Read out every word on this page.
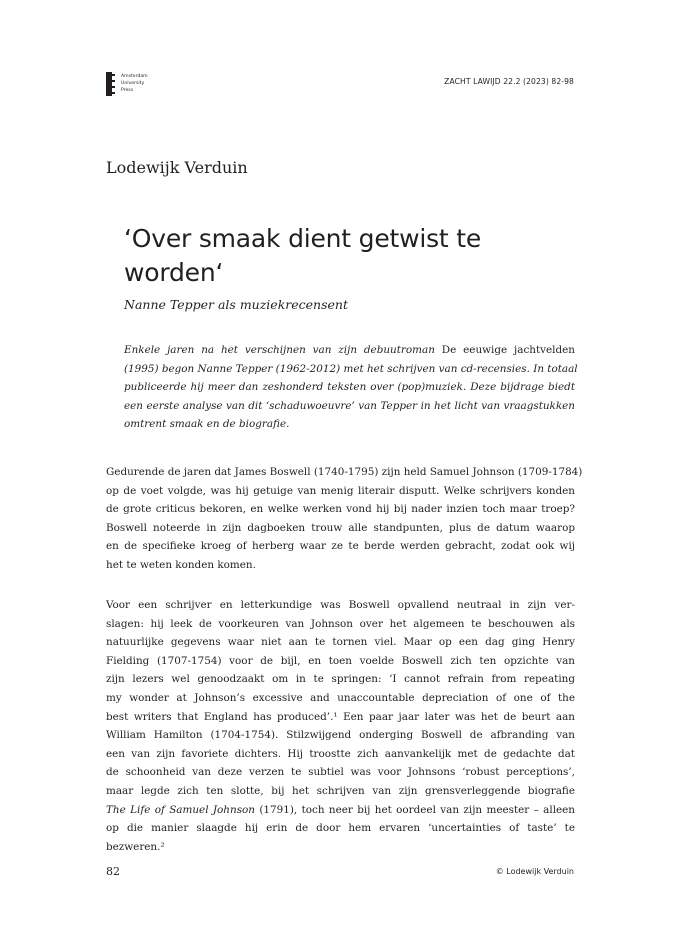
Amsterdam
University
Press
ZACHT LAWIJD 22.2 (2023) 82-98
Lodewijk Verduin
‘Over smaak dient getwist te worden‘
Nanne Tepper als muziekrecensent
Enkele jaren na het verschijnen van zijn debuutroman De eeuwige jachtvelden
(1995) begon Nanne Tepper (1962-2012) met het schrijven van cd-recensies. In totaal
publiceerde hij meer dan zeshonderd teksten over (pop)muziek. Deze bijdrage biedt
een eerste analyse van dit ‘schaduwoeuvre’ van Tepper in het licht van vraagstukken
omtrent smaak en de biografie.
Gedurende de jaren dat James Boswell (1740-1795) zijn held Samuel Johnson (1709-1784)
op de voet volgde, was hij getuige van menig literair disputt. Welke schrijvers konden
de grote criticus bekoren, en welke werken vond hij bij nader inzien toch maar troep?
Boswell noteerde in zijn dagboeken trouw alle standpunten, plus de datum waarop
en de specifieke kroeg of herberg waar ze te berde werden gebracht, zodat ook wij
het te weten konden komen.
Voor een schrijver en letterkundige was Boswell opvallend neutraal in zijn ver-
slagen: hij leek de voorkeuren van Johnson over het algemeen te beschouwen als
natuurlijke gegevens waar niet aan te tornen viel. Maar op een dag ging Henry
Fielding (1707-1754) voor de bijl, en toen voelde Boswell zich ten opzichte van
zijn lezers wel genoodzaakt om in te springen: ‘I cannot refrain from repeating
my wonder at Johnson’s excessive and unaccountable depreciation of one of the
best writers that England has produced’.¹ Een paar jaar later was het de beurt aan
William Hamilton (1704-1754). Stilzwijgend onderging Boswell de afbranding van
een van zijn favoriete dichters. Hij troostte zich aanvankelijk met de gedachte dat
de schoonheid van deze verzen te subtiel was voor Johnsons ‘robust perceptions’,
maar legde zich ten slotte, bij het schrijven van zijn grensverleggende biografie
The Life of Samuel Johnson (1791), toch neer bij het oordeel van zijn meester – alleen
op die manier slaagde hij erin de door hem ervaren ‘uncertainties of taste’ te
bezweren.²
82	© Lodewijk Verduin
